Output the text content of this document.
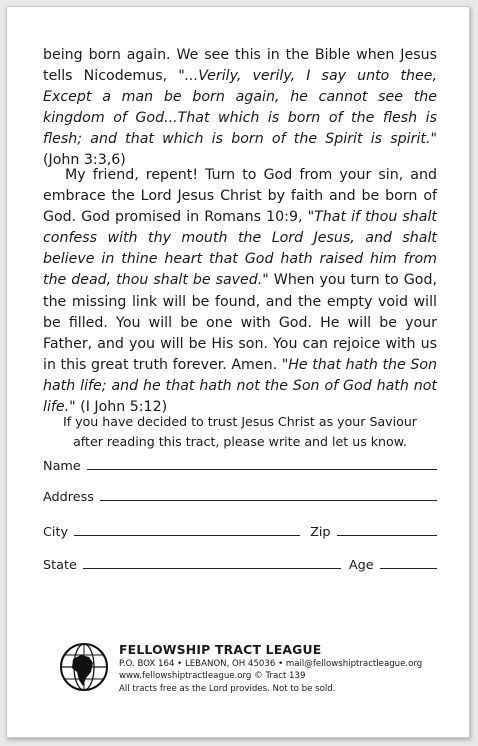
being born again. We see this in the Bible when Jesus tells Nicodemus, "...Verily, verily, I say unto thee, Except a man be born again, he cannot see the kingdom of God...That which is born of the flesh is flesh; and that which is born of the Spirit is spirit." (John 3:3,6)

My friend, repent! Turn to God from your sin, and embrace the Lord Jesus Christ by faith and be born of God. God promised in Romans 10:9, "That if thou shalt confess with thy mouth the Lord Jesus, and shalt believe in thine heart that God hath raised him from the dead, thou shalt be saved." When you turn to God, the missing link will be found, and the empty void will be filled. You will be one with God. He will be your Father, and you will be His son. You can rejoice with us in this great truth forever. Amen. "He that hath the Son hath life; and he that hath not the Son of God hath not life." (I John 5:12)

If you have decided to trust Jesus Christ as your Saviour
after reading this tract, please write and let us know.
Name
Address
City	Zip
State	Age
FELLOWSHIP TRACT LEAGUE
P.O. BOX 164 • LEBANON, OH 45036 • mail@fellowshiptractleague.org
www.fellowshiptractleague.org © Tract 139
All tracts free as the Lord provides. Not to be sold.
